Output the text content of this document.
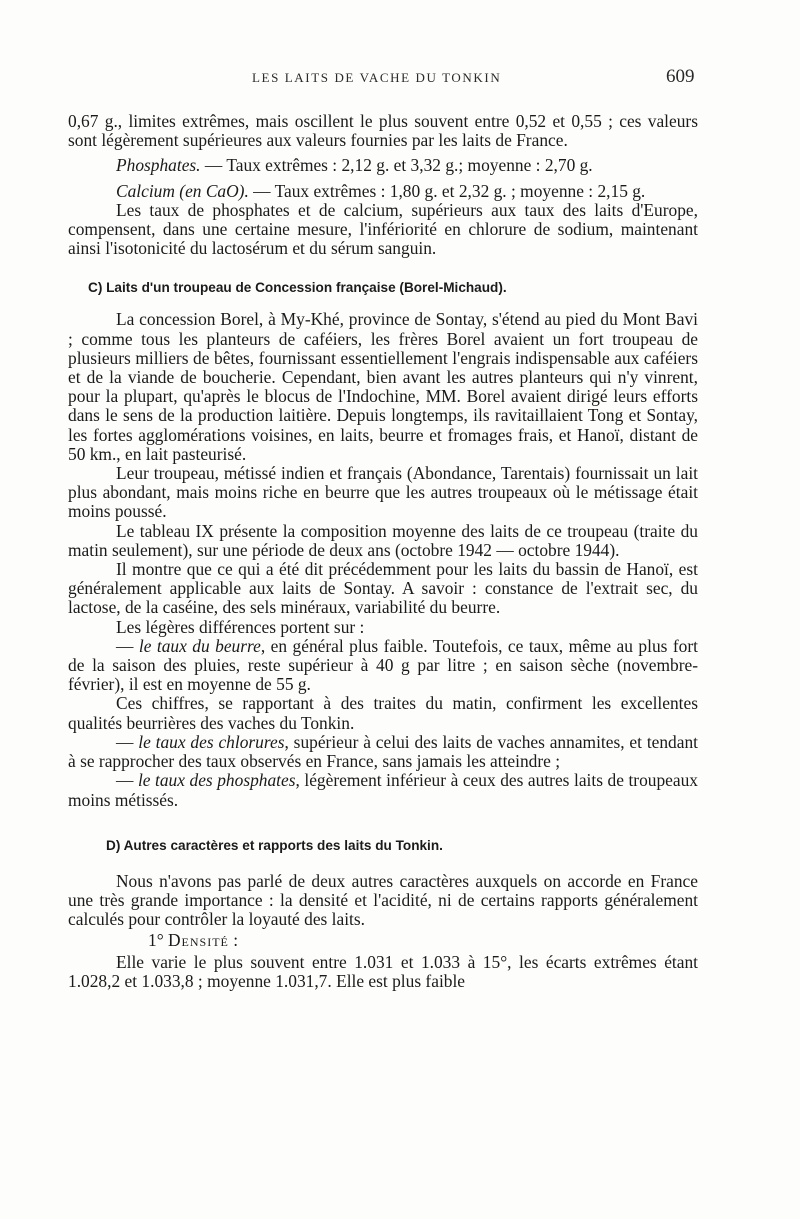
LES LAITS DE VACHE DU TONKIN	609

0,67 g., limites extrêmes, mais oscillent le plus souvent entre 0,52 et 0,55 ; ces valeurs sont légèrement supérieures aux valeurs fournies par les laits de France.

Phosphates. — Taux extrêmes : 2,12 g. et 3,32 g.; moyenne : 2,70 g.

Calcium (en CaO). — Taux extrêmes : 1,80 g. et 2,32 g. ; moyenne : 2,15 g.

Les taux de phosphates et de calcium, supérieurs aux taux des laits d'Europe, compensent, dans une certaine mesure, l'infériorité en chlorure de sodium, maintenant ainsi l'isotonicité du lactosérum et du sérum sanguin.

C) Laits d'un troupeau de Concession française (Borel-Michaud).

La concession Borel, à My-Khé, province de Sontay, s'étend au pied du Mont Bavi ; comme tous les planteurs de caféiers, les frères Borel avaient un fort troupeau de plusieurs milliers de bêtes, fournissant essentiellement l'engrais indispensable aux caféiers et de la viande de boucherie. Cependant, bien avant les autres planteurs qui n'y vinrent, pour la plupart, qu'après le blocus de l'Indochine, MM. Borel avaient dirigé leurs efforts dans le sens de la production laitière. Depuis longtemps, ils ravitaillaient Tong et Sontay, les fortes agglomérations voisines, en laits, beurre et fromages frais, et Hanoï, distant de 50 km., en lait pasteurisé.

Leur troupeau, métissé indien et français (Abondance, Tarentais) fournissait un lait plus abondant, mais moins riche en beurre que les autres troupeaux où le métissage était moins poussé.

Le tableau IX présente la composition moyenne des laits de ce troupeau (traite du matin seulement), sur une période de deux ans (octobre 1942 — octobre 1944).

Il montre que ce qui a été dit précédemment pour les laits du bassin de Hanoï, est généralement applicable aux laits de Sontay. A savoir : constance de l'extrait sec, du lactose, de la caséine, des sels minéraux, variabilité du beurre.

Les légères différences portent sur :

— le taux du beurre, en général plus faible. Toutefois, ce taux, même au plus fort de la saison des pluies, reste supérieur à 40 g par litre ; en saison sèche (novembre-février), il est en moyenne de 55 g.

Ces chiffres, se rapportant à des traites du matin, confirment les excellentes qualités beurrières des vaches du Tonkin.

— le taux des chlorures, supérieur à celui des laits de vaches annamites, et tendant à se rapprocher des taux observés en France, sans jamais les atteindre ;

— le taux des phosphates, légèrement inférieur à ceux des autres laits de troupeaux moins métissés.

D) Autres caractères et rapports des laits du Tonkin.

Nous n'avons pas parlé de deux autres caractères auxquels on accorde en France une très grande importance : la densité et l'acidité, ni de certains rapports généralement calculés pour contrôler la loyauté des laits.

1° Densité :

Elle varie le plus souvent entre 1.031 et 1.033 à 15°, les écarts extrêmes étant 1.028,2 et 1.033,8 ; moyenne 1.031,7. Elle est plus faible
